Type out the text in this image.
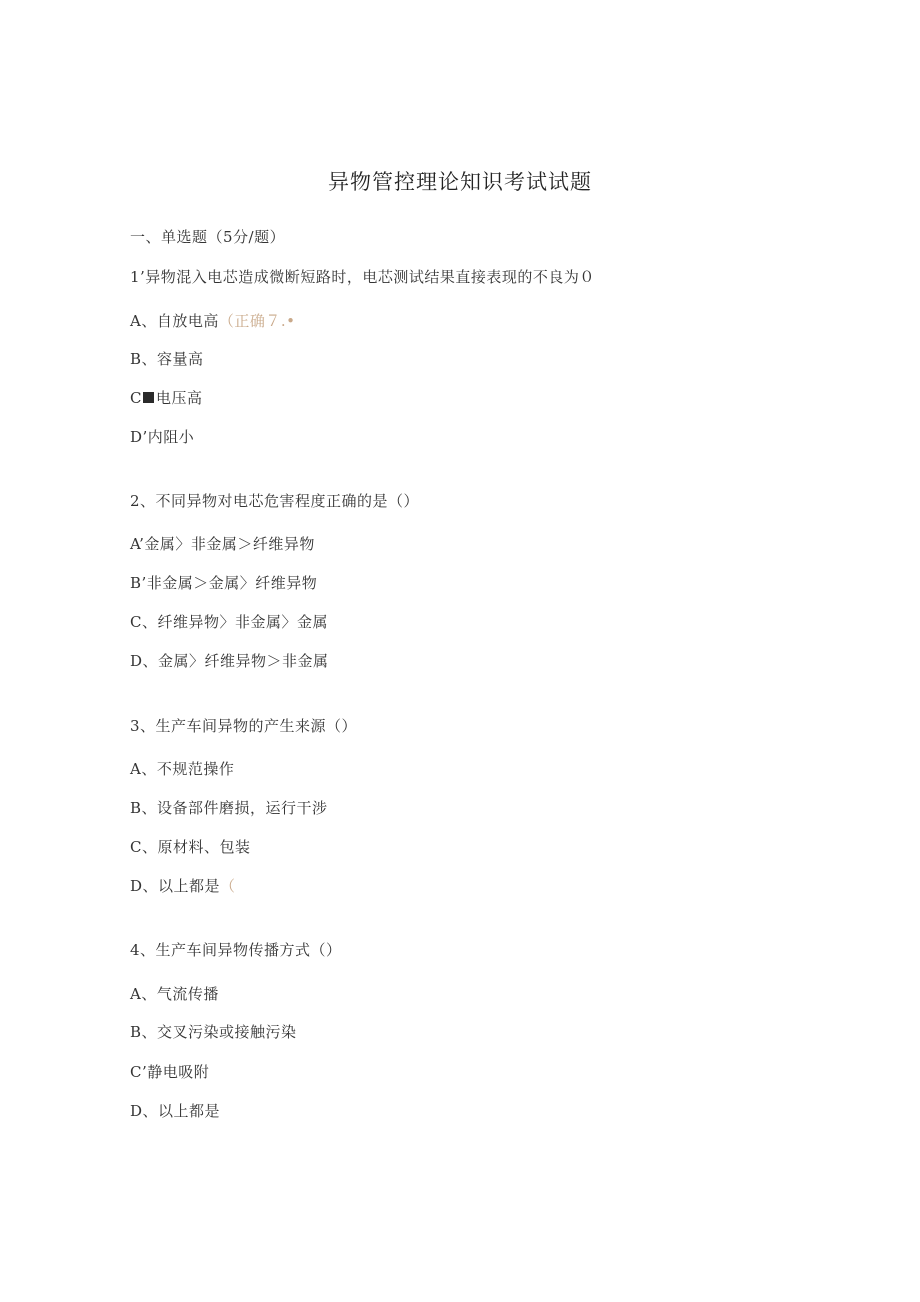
异物管控理论知识考试试题
一、单选题（5分/题）
1’异物混入电芯造成微断短路时，电芯测试结果直接表现的不良为０
A、自放电高（正确７.•
B、容量高
C 电压高
D’内阻小
2、不同异物对电芯危害程度正确的是（）
A’金属〉非金属＞纤维异物
B’非金属＞金属〉纤维异物
C、纤维异物〉非金属〉金属
D、金属〉纤维异物＞非金属
3、生产车间异物的产生来源（）
A、不规范操作
B、设备部件磨损，运行干涉
C、原材料、包装
D、以上都是（
4、生产车间异物传播方式（）
A、气流传播
B、交叉污染或接触污染
C’静电吸附
D、以上都是
